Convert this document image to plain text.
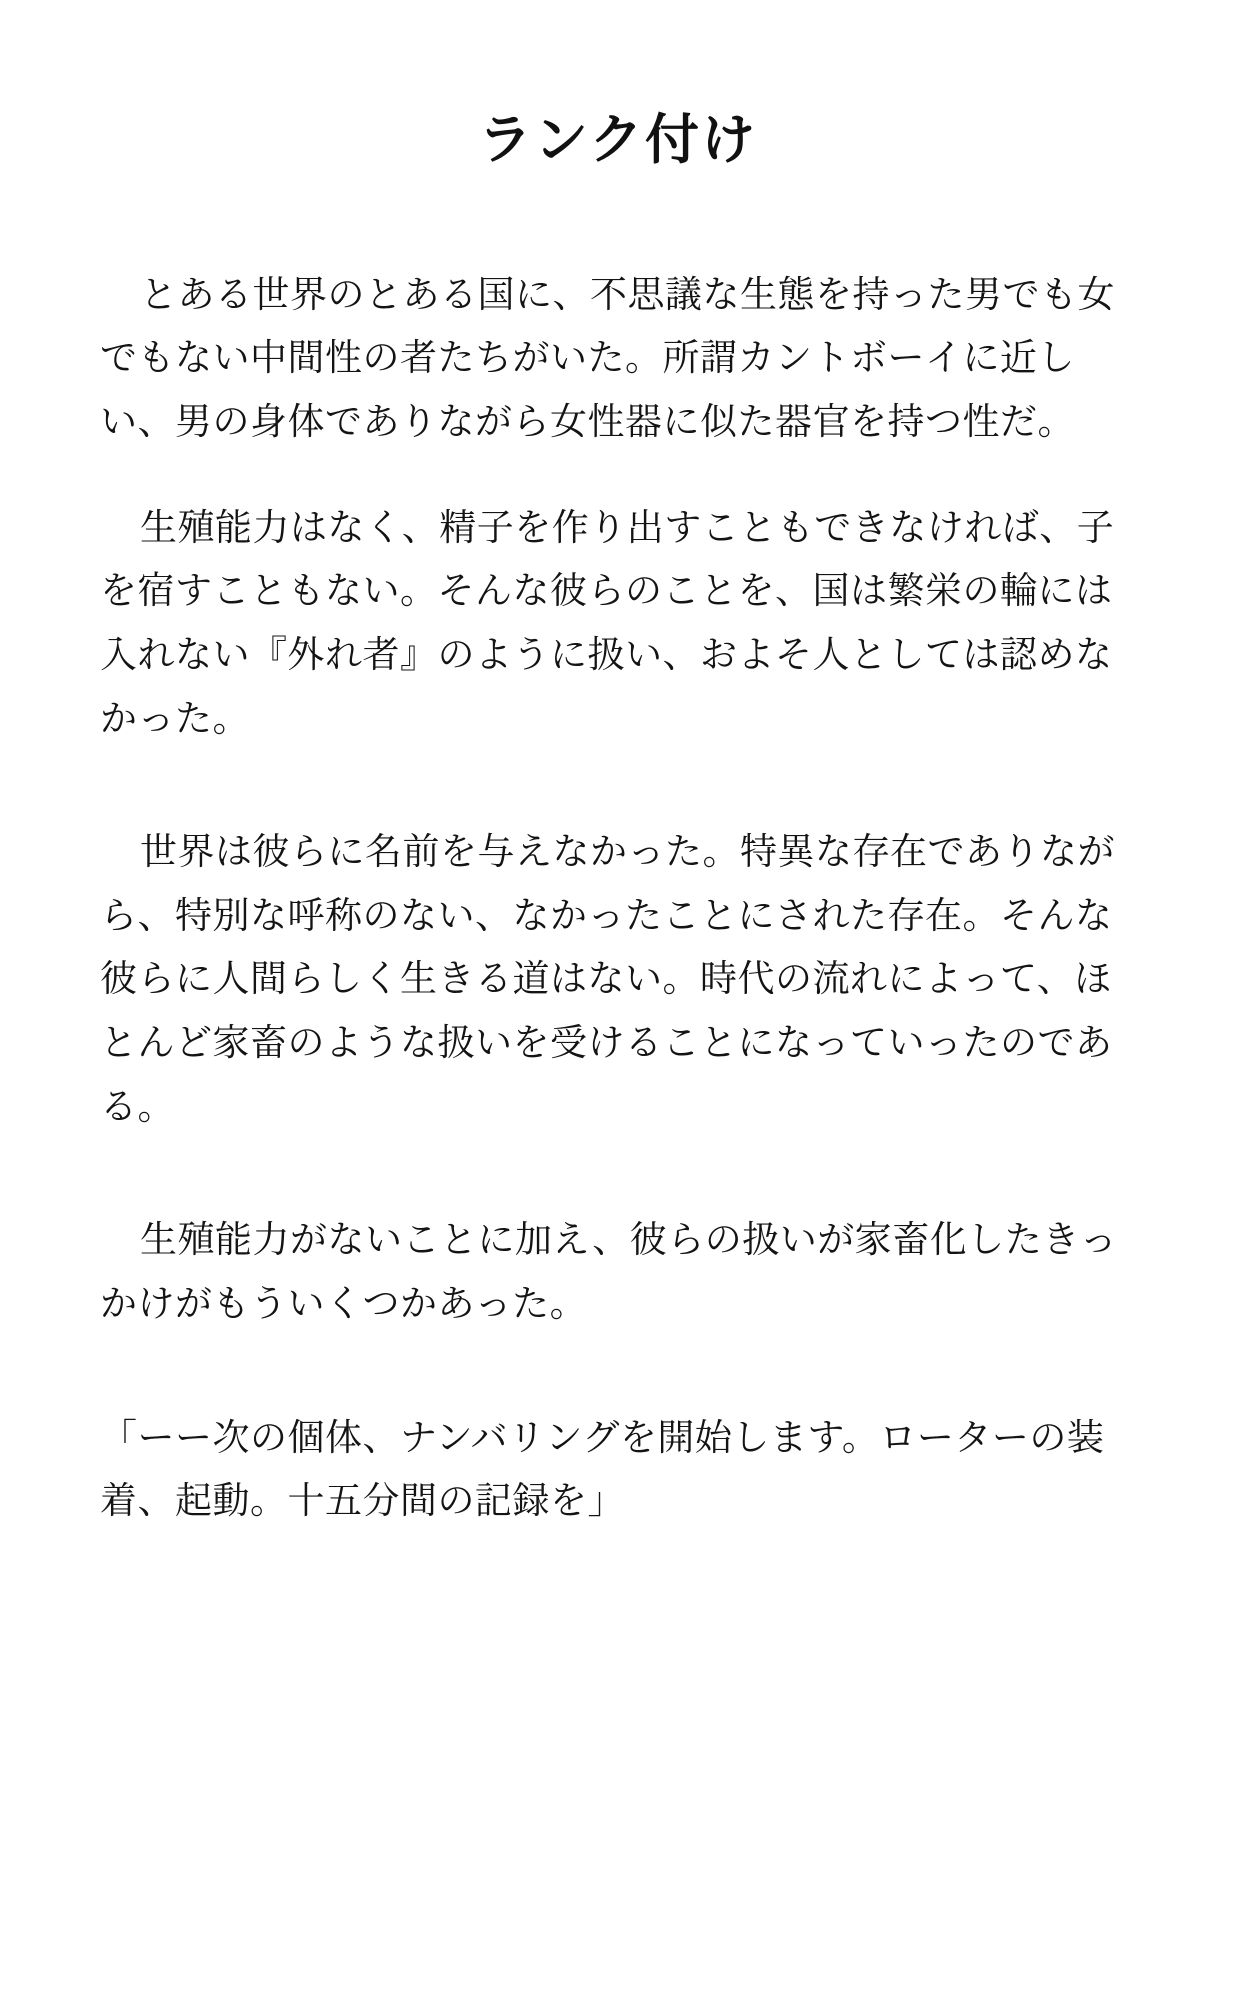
ランク付け

とある世界のとある国に、不思議な生態を持った男でも女でもない中間性の者たちがいた。所謂カントボーイに近しい、男の身体でありながら女性器に似た器官を持つ性だ。

生殖能力はなく、精子を作り出すこともできなければ、子を宿すこともない。そんな彼らのことを、国は繁栄の輪には入れない『外れ者』のように扱い、およそ人としては認めなかった。

世界は彼らに名前を与えなかった。特異な存在でありながら、特別な呼称のない、なかったことにされた存在。そんな彼らに人間らしく生きる道はない。時代の流れによって、ほとんど家畜のような扱いを受けることになっていったのである。

生殖能力がないことに加え、彼らの扱いが家畜化したきっかけがもういくつかあった。

「ーー次の個体、ナンバリングを開始します。ローターの装着、起動。十五分間の記録を」
